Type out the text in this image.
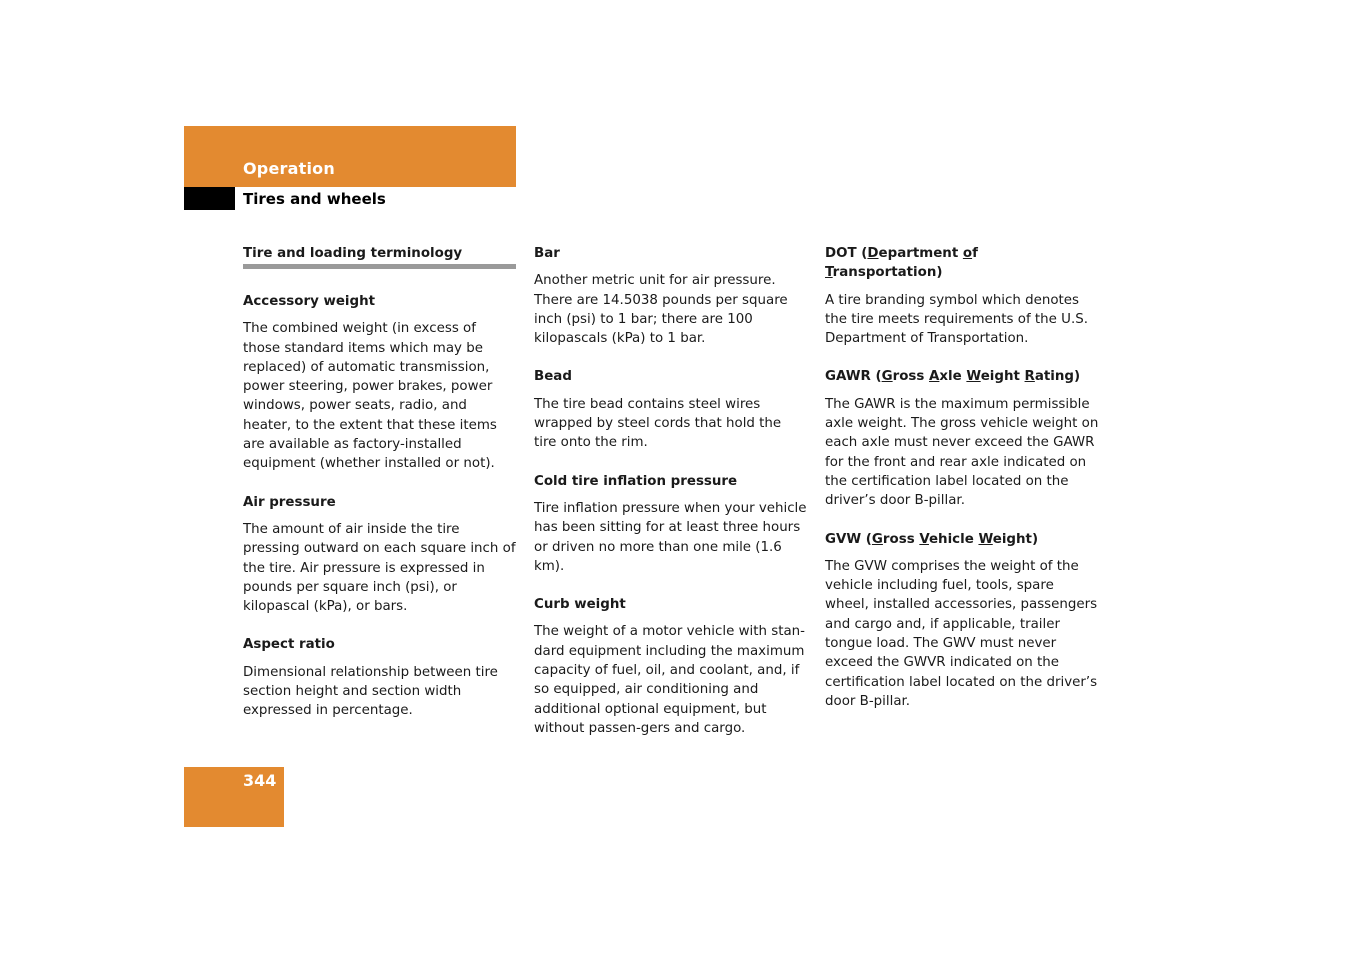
Operation
Tires and wheels
Tire and loading terminology
Accessory weight

The combined weight (in excess of those standard items which may be replaced) of automatic transmission, power steering, power brakes, power windows, power seats, radio, and heater, to the extent that these items are available as factory-installed equipment (whether installed or not).

Air pressure

The amount of air inside the tire pressing outward on each square inch of the tire. Air pressure is expressed in pounds per square inch (psi), or kilopascal (kPa), or bars.

Aspect ratio

Dimensional relationship between tire section height and section width expressed in percentage.

Bar

Another metric unit for air pressure. There are 14.5038 pounds per square inch (psi) to 1 bar; there are 100 kilopascals (kPa) to 1 bar.

Bead

The tire bead contains steel wires wrapped by steel cords that hold the tire onto the rim.

Cold tire inflation pressure

Tire inflation pressure when your vehicle has been sitting for at least three hours or driven no more than one mile (1.6 km).

Curb weight

The weight of a motor vehicle with stan-dard equipment including the maximum capacity of fuel, oil, and coolant, and, if so equipped, air conditioning and additional optional equipment, but without passen-gers and cargo.

DOT (Department of Transportation)

A tire branding symbol which denotes the tire meets requirements of the U.S. Department of Transportation.

GAWR (Gross Axle Weight Rating)

The GAWR is the maximum permissible axle weight. The gross vehicle weight on each axle must never exceed the GAWR for the front and rear axle indicated on the certification label located on the driver’s door B-pillar.

GVW (Gross Vehicle Weight)

The GVW comprises the weight of the vehicle including fuel, tools, spare wheel, installed accessories, passengers and cargo and, if applicable, trailer tongue load. The GWV must never exceed the GWVR indicated on the certification label located on the driver’s door B-pillar.

344
